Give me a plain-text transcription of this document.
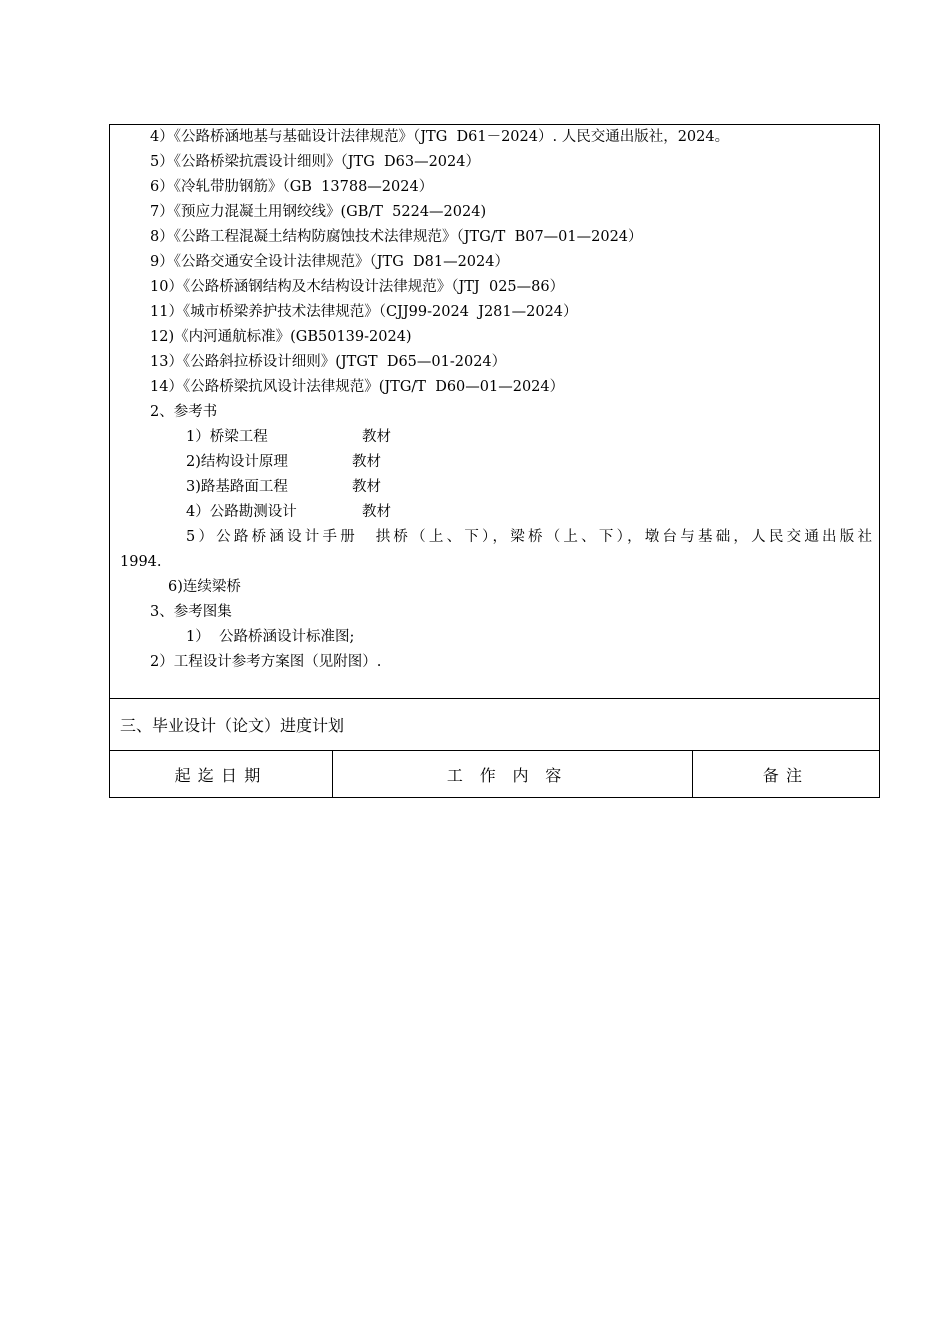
4）《公路桥涵地基与基础设计法律规范》（JTG  D61－2024）. 人民交通出版社，2024。
5）《公路桥梁抗震设计细则》（JTG  D63—2024）
6）《冷轧带肋钢筋》（GB  13788—2024）
7）《预应力混凝土用钢绞线》(GB/T  5224—2024)
8）《公路工程混凝土结构防腐蚀技术法律规范》（JTG/T  B07—01—2024）
9）《公路交通安全设计法律规范》（JTG  D81—2024）
10）《公路桥涵钢结构及木结构设计法律规范》（JTJ  025—86）
11）《城市桥梁养护技术法律规范》（CJJ99-2024  J281—2024）
12)《内河通航标准》(GB50139-2024)
13）《公路斜拉桥设计细则》(JTGT  D65—01-2024）
14）《公路桥梁抗风设计法律规范》(JTG/T  D60—01—2024）
2、参考书
1）桥梁工程	教材
2)结构设计原理	教材
3)路基路面工程	教材
4）公路勘测设计	教材
5）公路桥涵设计手册　拱桥（上、下），梁桥（上、下），墩台与基础，人民交通出版社
1994.
6)连续梁桥
3、参考图集
1）  公路桥涵设计标准图;
2）工程设计参考方案图（见附图）.
三、毕业设计（论文）进度计划
起迄日期	工作内容	备注
